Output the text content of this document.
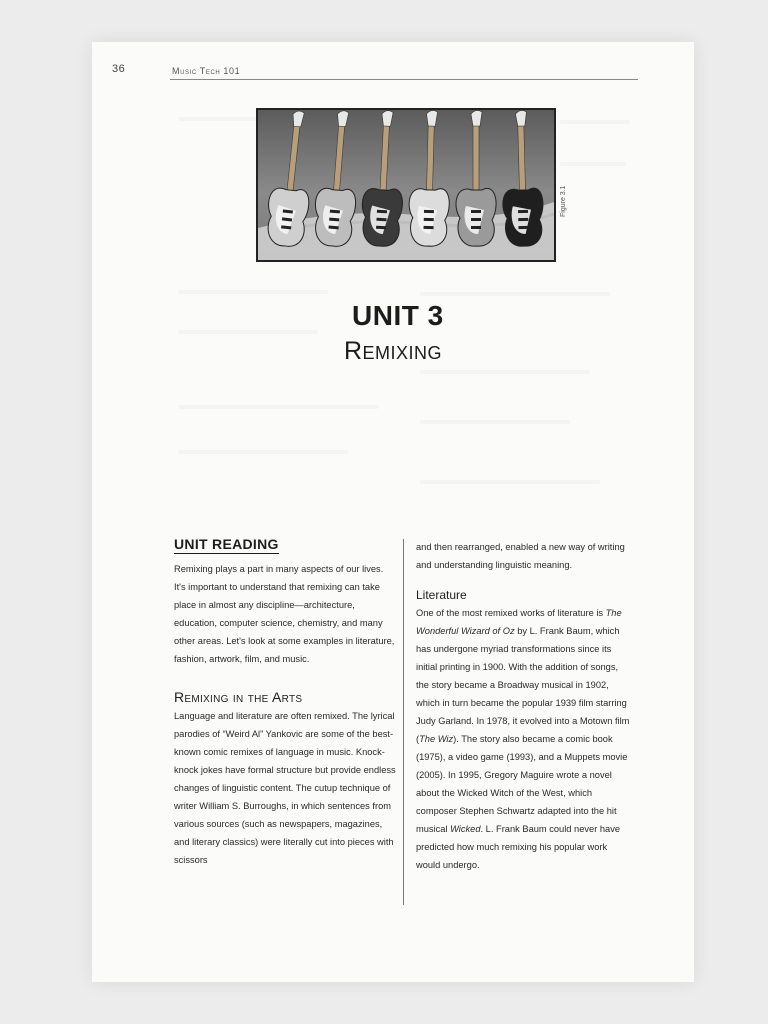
36	Music Tech 101
Figure 3.1
UNIT 3
Remixing
UNIT READING

Remixing plays a part in many aspects of our lives. It's important to understand that remixing can take place in almost any discipline—architecture, education, computer science, chemistry, and many other areas. Let's look at some examples in literature, fashion, artwork, film, and music.

Remixing in the Arts

Language and literature are often remixed. The lyrical parodies of “Weird Al” Yankovic are some of the best-known comic remixes of language in music. Knock-knock jokes have formal structure but provide endless changes of linguistic content. The cutup technique of writer William S. Burroughs, in which sentences from various sources (such as newspapers, magazines, and literary classics) were literally cut into pieces with scissors

and then rearranged, enabled a new way of writing and understanding linguistic meaning.

Literature

One of the most remixed works of literature is The Wonderful Wizard of Oz by L. Frank Baum, which has undergone myriad transformations since its initial printing in 1900. With the addition of songs, the story became a Broadway musical in 1902, which in turn became the popular 1939 film starring Judy Garland. In 1978, it evolved into a Motown film (The Wiz). The story also became a comic book (1975), a video game (1993), and a Muppets movie (2005). In 1995, Gregory Maguire wrote a novel about the Wicked Witch of the West, which composer Stephen Schwartz adapted into the hit musical Wicked. L. Frank Baum could never have predicted how much remixing his popular work would undergo.
